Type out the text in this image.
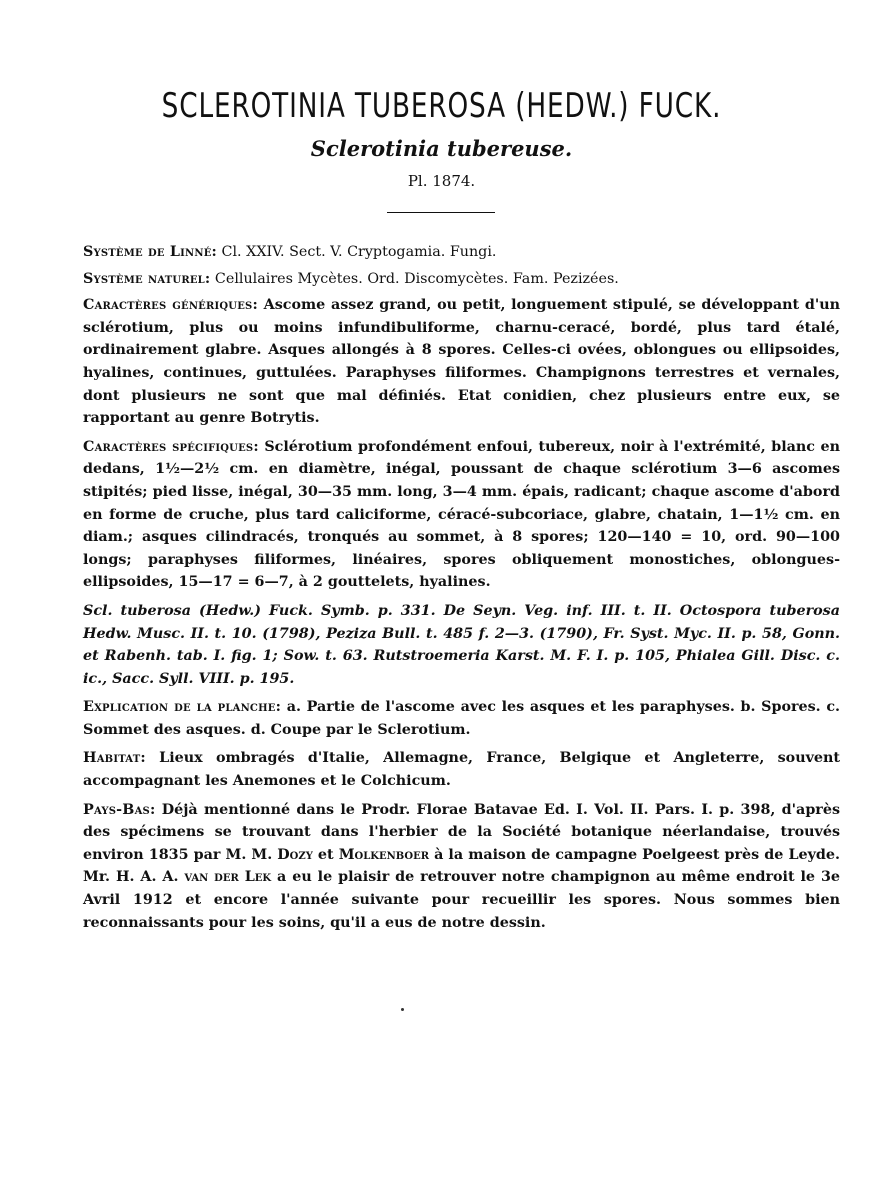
SCLEROTINIA TUBEROSA (HEDW.) FUCK.
Sclerotinia tubereuse.
Pl. 1874.

Système de Linné: Cl. XXIV. Sect. V. Cryptogamia. Fungi.

Système naturel: Cellulaires Mycètes. Ord. Discomycètes. Fam. Pezizées.

Caractères génériques: Ascome assez grand, ou petit, longuement stipulé, se développant d'un sclérotium, plus ou moins infundibuliforme, charnu-ceracé, bordé, plus tard étalé, ordinairement glabre. Asques allongés à 8 spores. Celles-ci ovées, oblongues ou ellipsoides, hyalines, continues, guttulées. Paraphyses filiformes. Champignons terrestres et vernales, dont plusieurs ne sont que mal définiés. Etat conidien, chez plusieurs entre eux, se rapportant au genre Botrytis.

Caractères spécifiques: Sclérotium profondément enfoui, tubereux, noir à l'extrémité, blanc en dedans, 1½—2½ cm. en diamètre, inégal, poussant de chaque sclérotium 3—6 ascomes stipités; pied lisse, inégal, 30—35 mm. long, 3—4 mm. épais, radicant; chaque ascome d'abord en forme de cruche, plus tard caliciforme, céracé-subcoriace, glabre, chatain, 1—1½ cm. en diam.; asques cilindracés, tronqués au sommet, à 8 spores; 120—140 = 10, ord. 90—100 longs; paraphyses filiformes, linéaires, spores obliquement monostiches, oblongues-ellipsoides, 15—17 = 6—7, à 2 gouttelets, hyalines.

Scl. tuberosa (Hedw.) Fuck. Symb. p. 331. De Seyn. Veg. inf. III. t. II. Octospora tuberosa Hedw. Musc. II. t. 10. (1798), Peziza Bull. t. 485 f. 2—3. (1790), Fr. Syst. Myc. II. p. 58, Gonn. et Rabenh. tab. I. fig. 1; Sow. t. 63. Rutstroemeria Karst. M. F. I. p. 105, Phialea Gill. Disc. c. ic., Sacc. Syll. VIII. p. 195.

Explication de la planche: a. Partie de l'ascome avec les asques et les paraphyses. b. Spores. c. Sommet des asques. d. Coupe par le Sclerotium.

Habitat: Lieux ombragés d'Italie, Allemagne, France, Belgique et Angleterre, souvent accompagnant les Anemones et le Colchicum.

Pays-Bas: Déjà mentionné dans le Prodr. Florae Batavae Ed. I. Vol. II. Pars. I. p. 398, d'après des spécimens se trouvant dans l'herbier de la Société botanique néerlandaise, trouvés environ 1835 par M. M. Dozy et Molkenboer à la maison de campagne Poelgeest près de Leyde. Mr. H. A. A. van der Lek a eu le plaisir de retrouver notre champignon au même endroit le 3e Avril 1912 et encore l'année suivante pour recueillir les spores. Nous sommes bien reconnaissants pour les soins, qu'il a eus de notre dessin.
